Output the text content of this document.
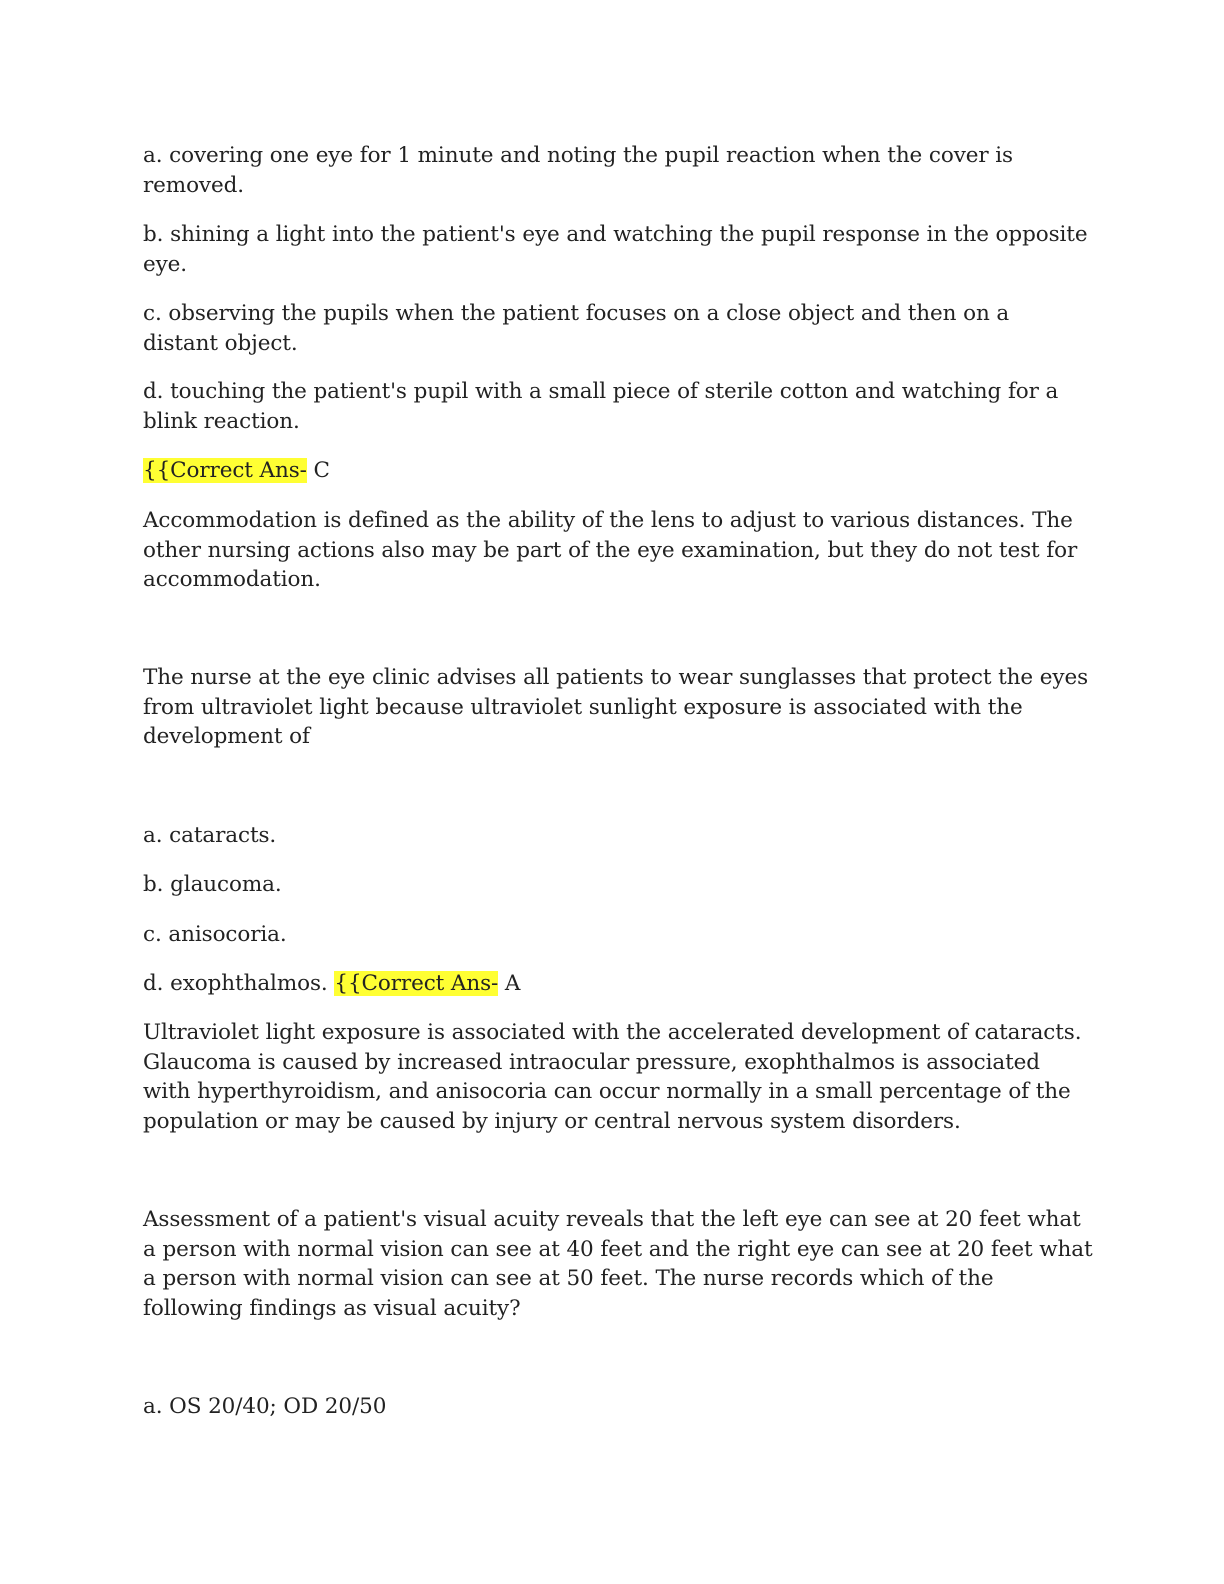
a. covering one eye for 1 minute and noting the pupil reaction when the cover is
removed.
b. shining a light into the patient's eye and watching the pupil response in the opposite
eye.
c. observing the pupils when the patient focuses on a close object and then on a
distant object.
d. touching the patient's pupil with a small piece of sterile cotton and watching for a
blink reaction.
{{Correct Ans- C
Accommodation is defined as the ability of the lens to adjust to various distances. The
other nursing actions also may be part of the eye examination, but they do not test for
accommodation.
The nurse at the eye clinic advises all patients to wear sunglasses that protect the eyes
from ultraviolet light because ultraviolet sunlight exposure is associated with the
development of
a. cataracts.
b. glaucoma.
c. anisocoria.
d. exophthalmos. {{Correct Ans- A
Ultraviolet light exposure is associated with the accelerated development of cataracts.
Glaucoma is caused by increased intraocular pressure, exophthalmos is associated
with hyperthyroidism, and anisocoria can occur normally in a small percentage of the
population or may be caused by injury or central nervous system disorders.
Assessment of a patient's visual acuity reveals that the left eye can see at 20 feet what
a person with normal vision can see at 40 feet and the right eye can see at 20 feet what
a person with normal vision can see at 50 feet. The nurse records which of the
following findings as visual acuity?
a. OS 20/40; OD 20/50
